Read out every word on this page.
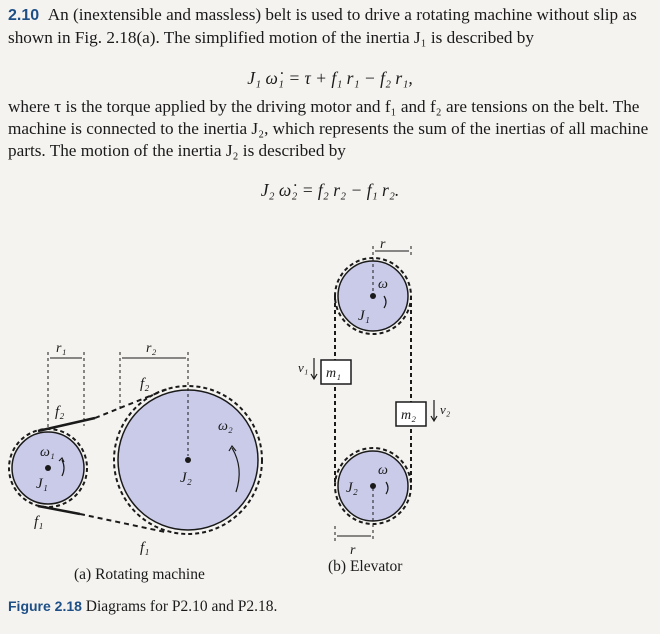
2.10 An (inextensible and massless) belt is used to drive a rotating machine without slip as shown in Fig. 2.18(a). The simplified motion of the inertia J₁ is described by
J₁ ω̇₁ = τ + f₁ r₁ − f₂ r₁,
where τ is the torque applied by the driving motor and f₁ and f₂ are tensions on the belt. The machine is connected to the inertia J₂, which represents the sum of the inertias of all machine parts. The motion of the inertia J₂ is described by
J₂ ω̇₂ = f₂ r₂ − f₁ r₂.
r₁	r₂
f₂
f₂
f₁
f₁
ω₁
J₁
ω₂
J₂
(a) Rotating machine
r
r
ω
J₁
ω
J₂
m₁
v₁
m₂ v₂
(b) Elevator
Figure 2.18 Diagrams for P2.10 and P2.18.
